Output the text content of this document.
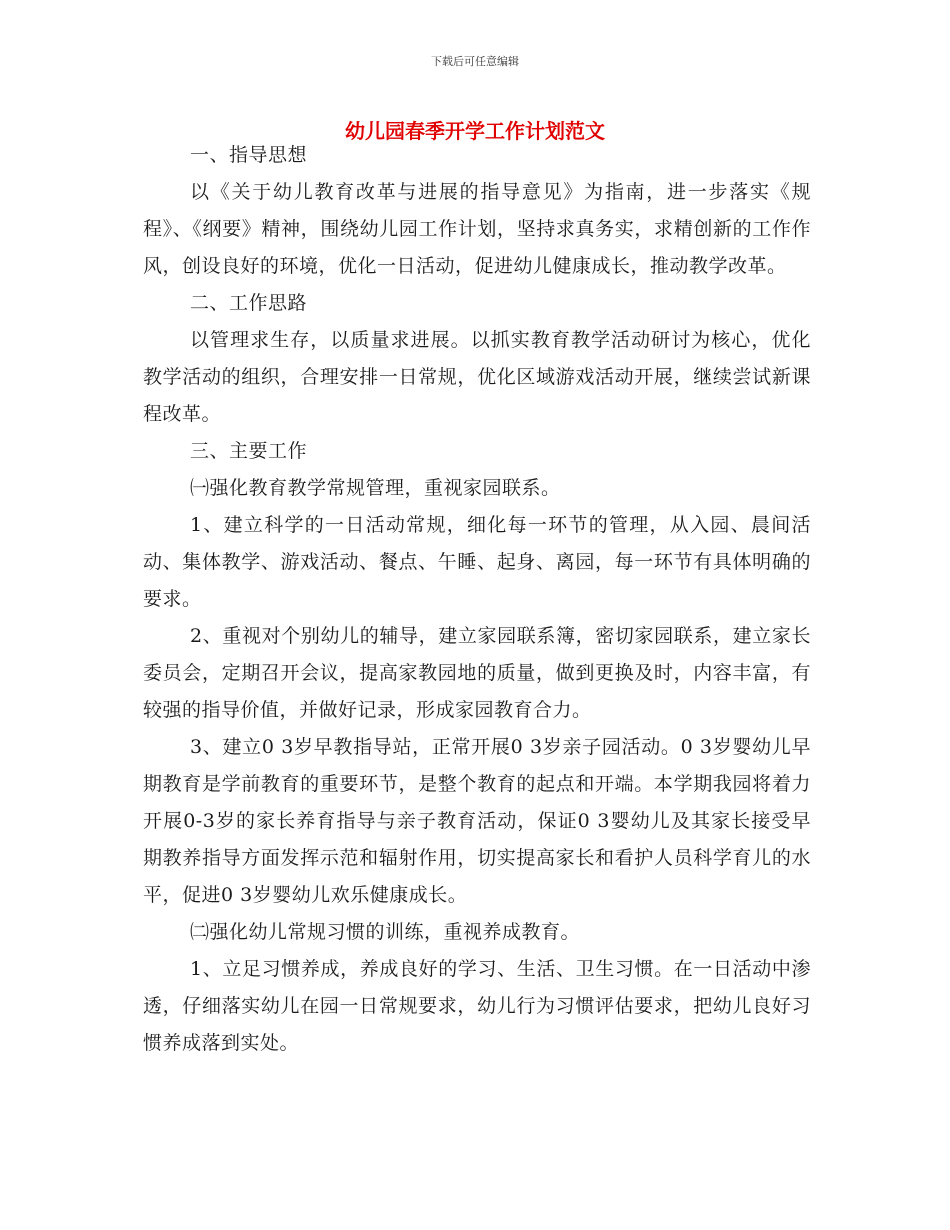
下载后可任意编辑
幼儿园春季开学工作计划范文

一、指导思想

以《关于幼儿教育改革与进展的指导意见》为指南，进一步落实《规程》、《纲要》精神，围绕幼儿园工作计划，坚持求真务实，求精创新的工作作风，创设良好的环境，优化一日活动，促进幼儿健康成长，推动教学改革。

二、工作思路

以管理求生存，以质量求进展。以抓实教育教学活动研讨为核心，优化教学活动的组织，合理安排一日常规，优化区域游戏活动开展，继续尝试新课程改革。

三、主要工作

㈠强化教育教学常规管理，重视家园联系。

1、建立科学的一日活动常规，细化每一环节的管理，从入园、晨间活动、集体教学、游戏活动、餐点、午睡、起身、离园，每一环节有具体明确的要求。

2、重视对个别幼儿的辅导，建立家园联系簿，密切家园联系，建立家长委员会，定期召开会议，提高家教园地的质量，做到更换及时，内容丰富，有较强的指导价值，并做好记录，形成家园教育合力。

3、建立0 3岁早教指导站，正常开展0 3岁亲子园活动。0 3岁婴幼儿早期教育是学前教育的重要环节，是整个教育的起点和开端。本学期我园将着力开展0-3岁的家长养育指导与亲子教育活动，保证0 3婴幼儿及其家长接受早期教养指导方面发挥示范和辐射作用，切实提高家长和看护人员科学育儿的水平，促进0 3岁婴幼儿欢乐健康成长。

㈡强化幼儿常规习惯的训练，重视养成教育。

1、立足习惯养成，养成良好的学习、生活、卫生习惯。在一日活动中渗透，仔细落实幼儿在园一日常规要求，幼儿行为习惯评估要求，把幼儿良好习惯养成落到实处。
